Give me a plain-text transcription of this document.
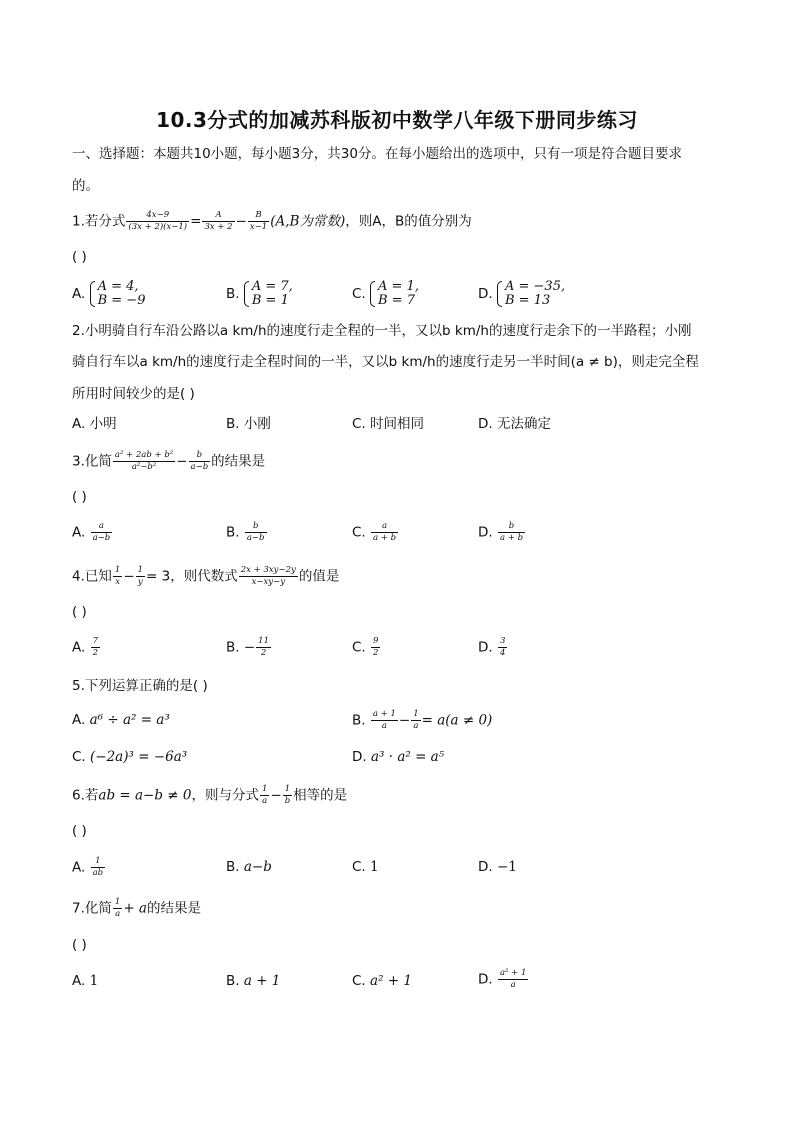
10.3分式的加减苏科版初中数学八年级下册同步练习
一、选择题：本题共10小题，每小题3分，共30分。在每小题给出的选项中，只有一项是符合题目要求
的。
1.若分式 $\frac{4x-9}{(3x + 2)(x-1)} = \frac{A}{3x + 2} - \frac{B}{x-1} (A,B$为常数)，则A，B的值分别为
( )
A. A = 4,
B = −9	B. A = 7,
B = 1	C. A = 1,
B = 7	D. A = −35,
B = 13
2.小明骑自行车沿公路以a km/h的速度行走全程的一半，又以b km/h的速度行走余下的一半路程；小刚
骑自行车以a km/h的速度行走全程时间的一半，又以b km/h的速度行走另一半时间(a ≠ b)，则走完全程
所用时间较少的是( )
A. 小明	B. 小刚	C. 时间相同	D. 无法确定
3.化简 $\frac{\text{a² + 2ab + b²}}{\text{a²−b²}} - \frac{b}{a-b}$ 的结果是
( )
A. $\frac{a}{a-b}$	B. $\frac{b}{a-b}$	C. $\frac{a}{a + b}$	D. $\frac{b}{a + b}$
4.已知 $\frac{1}{x} - \frac{1}{y} = 3$，则代数式 $\frac{2x + 3xy-2y}{x-xy-y}$ 的值是
( )
A. $\frac{7}{2}$	B. − $\frac{11}{2}$	C. $\frac{9}{2}$	D. $\frac{3}{4}$
5.下列运算正确的是( )
A. a⁶ ÷ a² = a³	B. $\frac{a + 1}{a} - \frac{1}{a} = a(a \ne 0)$
C. (−2a)³ = −6a³	D. a³ · a² = a⁵
6.若ab = a−b ≠ 0，则与分式 $\frac{1}{a} - \frac{1}{b}$ 相等的是
( )
A. $\frac{1}{ab}$	B. a−b	C. 1	D. −1
7.化简 $\frac{1}{a} + a$的结果是
( )
A. 1	B. a + 1	C. a² + 1	D. $\frac{\text{a² + 1}}{a}$
